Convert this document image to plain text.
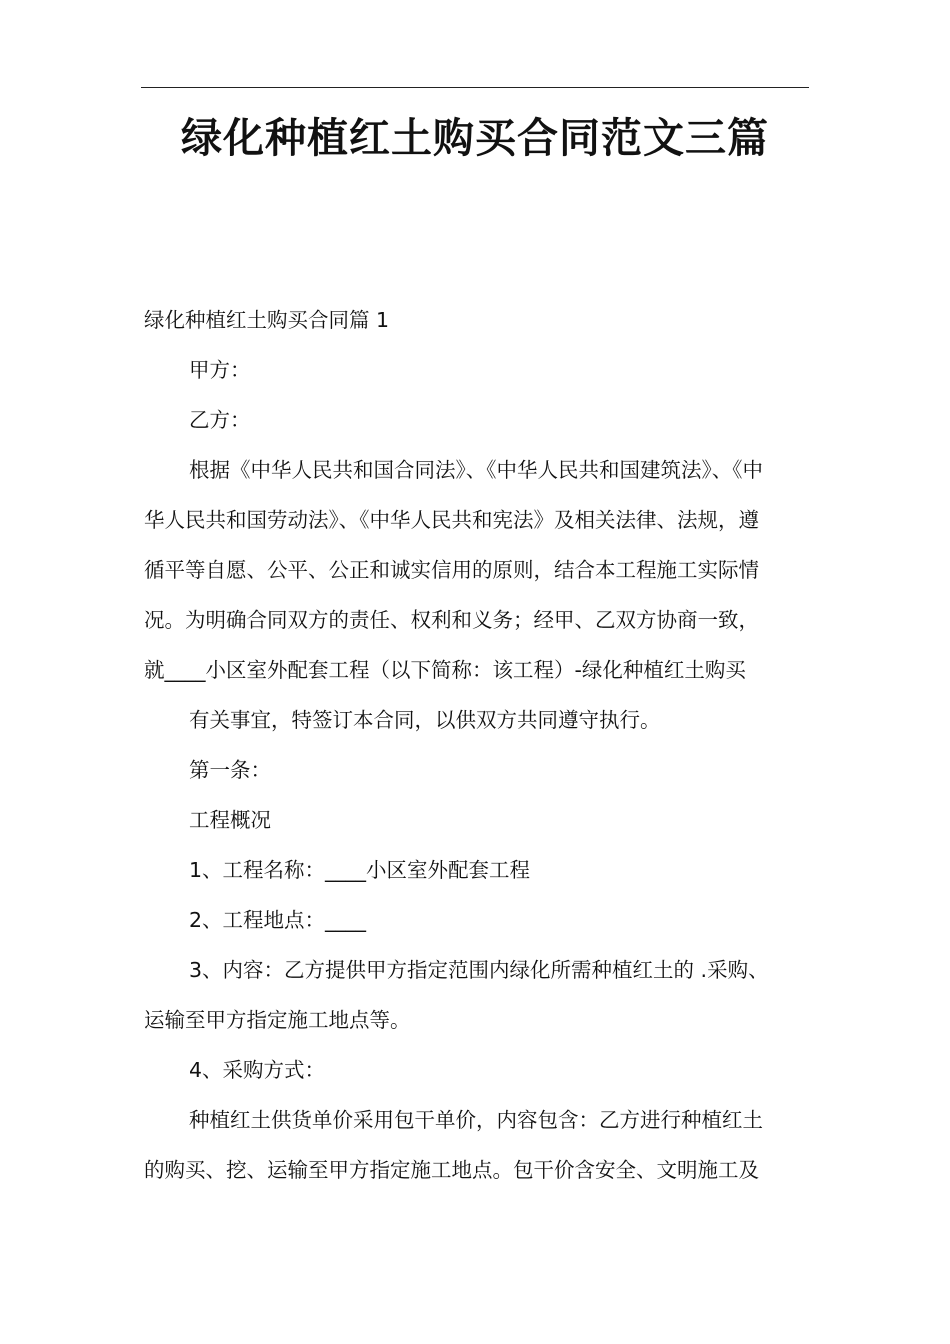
绿化种植红土购买合同范文三篇
绿化种植红土购买合同篇 1
甲方：
乙方：
根据《中华人民共和国合同法》、《中华人民共和国建筑法》、《中
华人民共和国劳动法》、《中华人民共和宪法》及相关法律、法规，遵
循平等自愿、公平、公正和诚实信用的原则，结合本工程施工实际情
况。为明确合同双方的责任、权利和义务；经甲、乙双方协商一致，
就____小区室外配套工程（以下简称：该工程）-绿化种植红土购买
有关事宜，特签订本合同，以供双方共同遵守执行。
第一条：
工程概况
1、工程名称：____小区室外配套工程
2、工程地点：____
3、内容：乙方提供甲方指定范围内绿化所需种植红土的 .采购、
运输至甲方指定施工地点等。
4、采购方式：
种植红土供货单价采用包干单价，内容包含：乙方进行种植红土
的购买、挖、运输至甲方指定施工地点。包干价含安全、文明施工及
